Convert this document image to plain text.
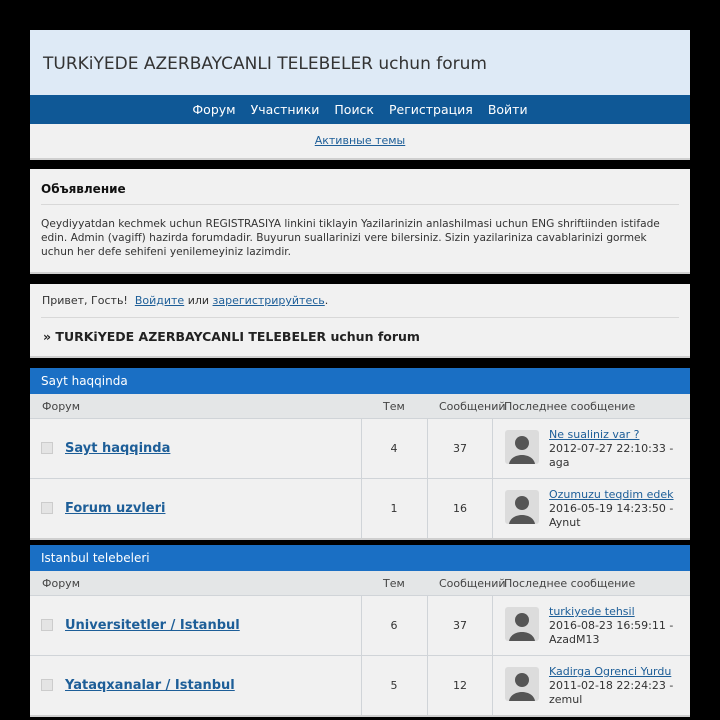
TURKiYEDE AZERBAYCANLI TELEBELER uchun forum
Форум Участники Поиск Регистрация Войти
Активные темы
Объявление

Qeydiyyatdan kechmek uchun REGISTRASIYA linkini tiklayin Yazilarinizin anlashilmasi uchun ENG shriftiinden istifade edin. Admin (vagiff) hazirda forumdadir. Buyurun suallarinizi vere bilersiniz. Sizin yazilariniza cavablarinizi gormek uchun her defe sehifeni yenilemeyiniz lazimdir.

Привет, Гость! Войдите или зарегистрируйтесь.
» TURKiYEDE AZERBAYCANLI TELEBELER uchun forum
Sayt haqqinda
Форум	Тем	Сообщений
Последнее сообщение
Sayt haqqinda	4	37
Ne sualiniz var ?
2012-07-27 22:10:33 -
aga
Forum uzvleri	1	16
Ozumuzu teqdim edek
2016-05-19 14:23:50 -
Aynut
Istanbul telebeleri
Форум	Тем	Сообщений
Последнее сообщение
Universitetler / Istanbul	6	37
turkiyede tehsil
2016-08-23 16:59:11 -
AzadM13
Yataqxanalar / Istanbul	5	12
Kadirga Ogrenci Yurdu
2011-02-18 22:24:23 -
zemul
